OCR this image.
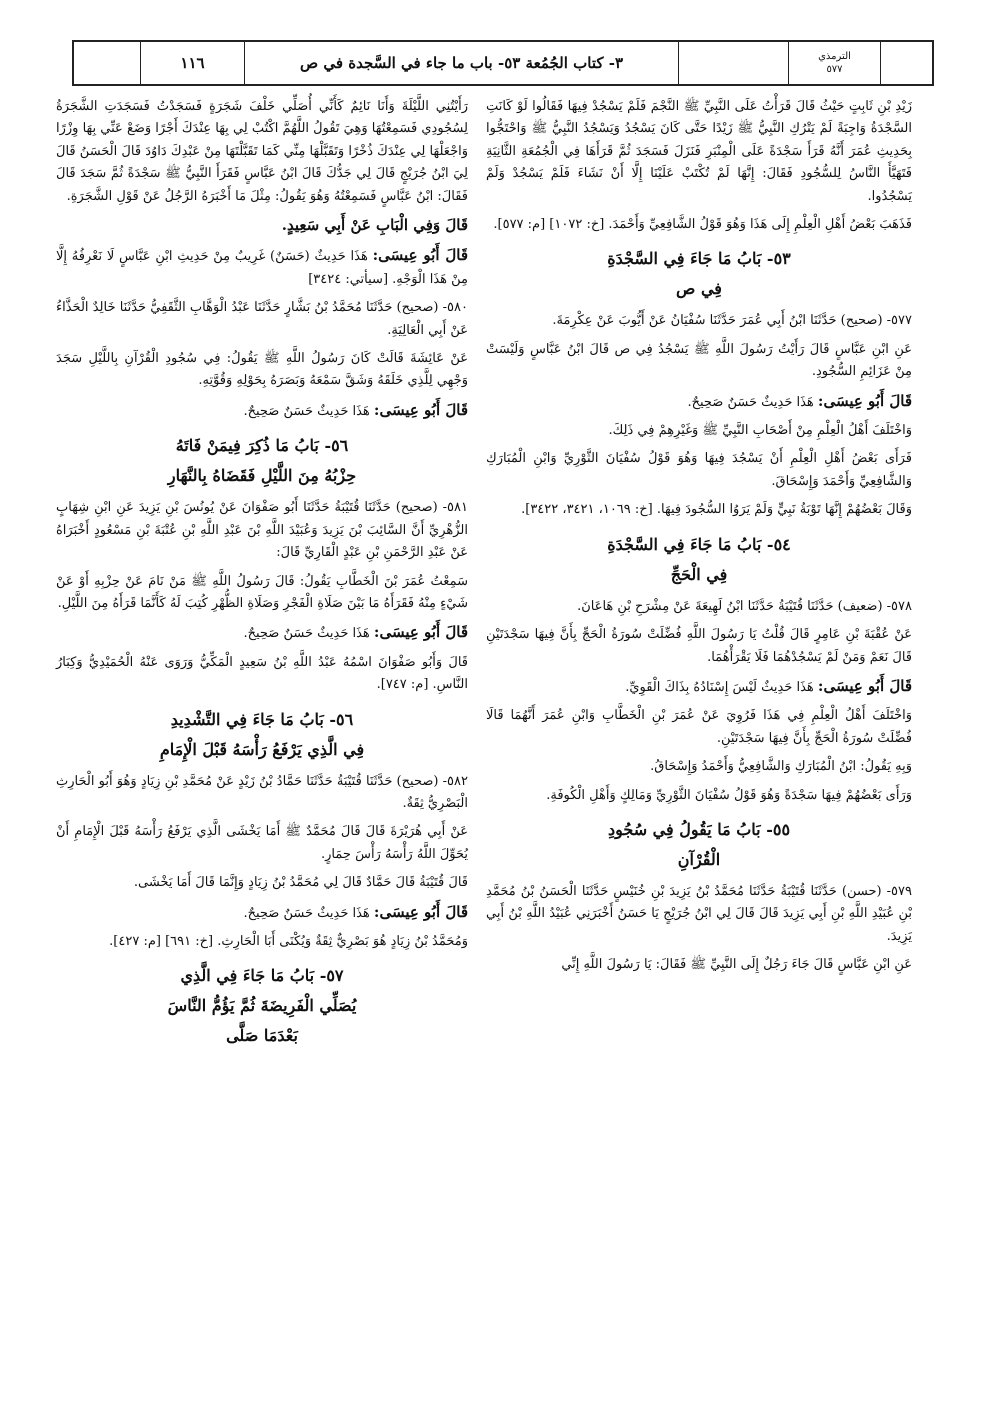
١١٦	٣- كتاب الجُمُعة ٥٣- باب ما جاء في السَّجدة في ص	الترمذي
٥٧٧

زَيْدِ بْنِ ثَابِتٍ حَيْثُ قَالَ قَرَأْتُ عَلَى النَّبِيِّ ﷺ النَّجْمَ فَلَمْ يَسْجُدْ فِيهَا فَقَالُوا لَوْ كَانَتِ السَّجْدَةُ وَاجِبَةً لَمْ يَتْرُكِ النَّبِيُّ ﷺ زَيْدًا حَتَّى كَانَ يَسْجُدُ وَيَسْجُدُ النَّبِيُّ ﷺ وَاحْتَجُّوا بِحَدِيثِ عُمَرَ أَنَّهُ قَرَأَ سَجْدَةً عَلَى الْمِنْبَرِ فَنَزَلَ فَسَجَدَ ثُمَّ قَرَأَهَا فِي الْجُمُعَةِ الثَّانِيَةِ فَتَهَيَّأَ النَّاسُ لِلسُّجُودِ فَقَالَ: إِنَّهَا لَمْ تُكْتَبْ عَلَيْنَا إِلَّا أَنْ نَشَاءَ فَلَمْ يَسْجُدْ وَلَمْ يَسْجُدُوا.

فَذَهَبَ بَعْضُ أَهْلِ الْعِلْمِ إِلَى هَذَا وَهُوَ قَوْلُ الشَّافِعِيِّ وَأَحْمَدَ. [خ: ١٠٧٢] [م: ٥٧٧].

٥٣- بَابُ مَا جَاءَ فِي السَّجْدَةِ
فِي ص

٥٧٧- (صحيح) حَدَّثَنَا ابْنُ أَبِي عُمَرَ حَدَّثَنَا سُفْيَانُ عَنْ أَيُّوبَ عَنْ عِكْرِمَةَ.

عَنِ ابْنِ عَبَّاسٍ قَالَ رَأَيْتُ رَسُولَ اللَّهِ ﷺ يَسْجُدُ فِي ص قَالَ ابْنُ عَبَّاسٍ وَلَيْسَتْ مِنْ عَزَائِمِ السُّجُودِ.

قَالَ أَبُو عِيسَى: هَذَا حَدِيثٌ حَسَنٌ صَحِيحٌ.

وَاخْتَلَفَ أَهْلُ الْعِلْمِ مِنْ أَصْحَابِ النَّبِيِّ ﷺ وَغَيْرِهِمْ فِي ذَلِكَ.

فَرَأَى بَعْضُ أَهْلِ الْعِلْمِ أَنْ يَسْجُدَ فِيهَا وَهُوَ قَوْلُ سُفْيَانَ الثَّوْرِيِّ وَابْنِ الْمُبَارَكِ وَالشَّافِعِيِّ وَأَحْمَدَ وَإِسْحَاقَ.

وَقَالَ بَعْضُهُمْ إِنَّهَا تَوْبَةُ نَبِيٍّ وَلَمْ يَرَوُا السُّجُودَ فِيهَا. [خ: ١٠٦٩، ٣٤٢١، ٣٤٢٢].

٥٤- بَابُ مَا جَاءَ فِي السَّجْدَةِ
فِي الْحَجِّ

٥٧٨- (ضعيف) حَدَّثَنَا قُتَيْبَةُ حَدَّثَنَا ابْنُ لَهِيعَةَ عَنْ مِشْرَحِ بْنِ هَاعَانَ.

عَنْ عُقْبَةَ بْنِ عَامِرٍ قَالَ قُلْتُ يَا رَسُولَ اللَّهِ فُضِّلَتْ سُورَةُ الْحَجِّ بِأَنَّ فِيهَا سَجْدَتَيْنِ قَالَ نَعَمْ وَمَنْ لَمْ يَسْجُدْهُمَا فَلَا يَقْرَأْهُمَا.

قَالَ أَبُو عِيسَى: هَذَا حَدِيثٌ لَيْسَ إِسْنَادُهُ بِذَاكَ الْقَوِيِّ.

وَاخْتَلَفَ أَهْلُ الْعِلْمِ فِي هَذَا فَرُوِيَ عَنْ عُمَرَ بْنِ الْخَطَّابِ وَابْنِ عُمَرَ أَنَّهُمَا قَالَا فُضِّلَتْ سُورَةُ الْحَجِّ بِأَنَّ فِيهَا سَجْدَتَيْنِ.

وَبِهِ يَقُولُ: ابْنُ الْمُبَارَكِ وَالشَّافِعِيُّ وَأَحْمَدُ وَإِسْحَاقُ.

وَرَأَى بَعْضُهُمْ فِيهَا سَجْدَةً وَهُوَ قَوْلُ سُفْيَانَ الثَّوْرِيِّ وَمَالِكٍ وَأَهْلِ الْكُوفَةِ.

٥٥- بَابُ مَا يَقُولُ فِي سُجُودِ
الْقُرْآنِ

٥٧٩- (حسن) حَدَّثَنَا قُتَيْبَةُ حَدَّثَنَا مُحَمَّدُ بْنُ يَزِيدَ بْنِ خُنَيْسٍ حَدَّثَنَا الْحَسَنُ بْنُ مُحَمَّدِ بْنِ عُبَيْدِ اللَّهِ بْنِ أَبِي يَزِيدَ قَالَ قَالَ لِي ابْنُ جُرَيْجٍ يَا حَسَنُ أَخْبَرَنِي عُبَيْدُ اللَّهِ بْنُ أَبِي يَزِيدَ.

عَنِ ابْنِ عَبَّاسٍ قَالَ جَاءَ رَجُلٌ إِلَى النَّبِيِّ ﷺ فَقَالَ: يَا رَسُولَ اللَّهِ إِنِّي

رَأَيْتُنِي اللَّيْلَةَ وَأَنَا نَائِمٌ كَأَنِّي أُصَلِّي خَلْفَ شَجَرَةٍ فَسَجَدْتُ فَسَجَدَتِ الشَّجَرَةُ لِسُجُودِي فَسَمِعْتُهَا وَهِيَ تَقُولُ اللَّهُمَّ اكْتُبْ لِي بِهَا عِنْدَكَ أَجْرًا وَضَعْ عَنِّي بِهَا وِزْرًا وَاجْعَلْهَا لِي عِنْدَكَ ذُخْرًا وَتَقَبَّلْهَا مِنِّي كَمَا تَقَبَّلْتَهَا مِنْ عَبْدِكَ دَاوُدَ قَالَ الْحَسَنُ قَالَ لِيَ ابْنُ جُرَيْجٍ قَالَ لِي جَدُّكَ قَالَ ابْنُ عَبَّاسٍ فَقَرَأَ النَّبِيُّ ﷺ سَجْدَةً ثُمَّ سَجَدَ قَالَ فَقَالَ: ابْنُ عَبَّاسٍ فَسَمِعْتُهُ وَهُوَ يَقُولُ: مِثْلَ مَا أَخْبَرَهُ الرَّجُلُ عَنْ قَوْلِ الشَّجَرَةِ.

قَالَ وَفِي الْبَابِ عَنْ أَبِي سَعِيدٍ.

قَالَ أَبُو عِيسَى: هَذَا حَدِيثٌ (حَسَنٌ) غَرِيبٌ مِنْ حَدِيثِ ابْنِ عَبَّاسٍ لَا نَعْرِفُهُ إِلَّا مِنْ هَذَا الْوَجْهِ. [سيأتي: ٣٤٢٤]

٥٨٠- (صحيح) حَدَّثَنَا مُحَمَّدُ بْنُ بَشَّارٍ حَدَّثَنَا عَبْدُ الْوَهَّابِ الثَّقَفِيُّ حَدَّثَنَا خَالِدٌ الْحَذَّاءُ عَنْ أَبِي الْعَالِيَةِ.

عَنْ عَائِشَةَ قَالَتْ كَانَ رَسُولُ اللَّهِ ﷺ يَقُولُ: فِي سُجُودِ الْقُرْآنِ بِاللَّيْلِ سَجَدَ وَجْهِي لِلَّذِي خَلَقَهُ وَشَقَّ سَمْعَهُ وَبَصَرَهُ بِحَوْلِهِ وَقُوَّتِهِ.

قَالَ أَبُو عِيسَى: هَذَا حَدِيثٌ حَسَنٌ صَحِيحٌ.

٥٦- بَابُ مَا ذُكِرَ فِيمَنْ فَاتَهُ
حِزْبُهُ مِنَ اللَّيْلِ فَقَضَاهُ بِالنَّهَارِ

٥٨١- (صحيح) حَدَّثَنَا قُتَيْبَةُ حَدَّثَنَا أَبُو صَفْوَانَ عَنْ يُونُسَ بْنِ يَزِيدَ عَنِ ابْنِ شِهَابٍ الزُّهْرِيِّ أَنَّ السَّائِبَ بْنَ يَزِيدَ وَعُبَيْدَ اللَّهِ بْنَ عَبْدِ اللَّهِ بْنِ عُتْبَةَ بْنِ مَسْعُودٍ أَخْبَرَاهُ عَنْ عَبْدِ الرَّحْمَنِ بْنِ عَبْدٍ الْقَارِيِّ قَالَ:

سَمِعْتُ عُمَرَ بْنَ الْخَطَّابِ يَقُولُ: قَالَ رَسُولُ اللَّهِ ﷺ مَنْ نَامَ عَنْ حِزْبِهِ أَوْ عَنْ شَيْءٍ مِنْهُ فَقَرَأَهُ مَا بَيْنَ صَلَاةِ الْفَجْرِ وَصَلَاةِ الظُّهْرِ كُتِبَ لَهُ كَأَنَّمَا قَرَأَهُ مِنَ اللَّيْلِ.

قَالَ أَبُو عِيسَى: هَذَا حَدِيثٌ حَسَنٌ صَحِيحٌ.

قَالَ وَأَبُو صَفْوَانَ اسْمُهُ عَبْدُ اللَّهِ بْنُ سَعِيدٍ الْمَكِّيُّ وَرَوَى عَنْهُ الْحُمَيْدِيُّ وَكِبَارُ النَّاسِ. [م: ٧٤٧].

٥٦- بَابُ مَا جَاءَ فِي التَّشْدِيدِ
فِي الَّذِي يَرْفَعُ رَأْسَهُ قَبْلَ الْإِمَامِ

٥٨٢- (صحيح) حَدَّثَنَا قُتَيْبَةُ حَدَّثَنَا حَمَّادُ بْنُ زَيْدٍ عَنْ مُحَمَّدِ بْنِ زِيَادٍ وَهُوَ أَبُو الْحَارِثِ الْبَصْرِيُّ ثِقَةٌ.

عَنْ أَبِي هُرَيْرَةَ قَالَ قَالَ مُحَمَّدٌ ﷺ أَمَا يَخْشَى الَّذِي يَرْفَعُ رَأْسَهُ قَبْلَ الْإِمَامِ أَنْ يُحَوِّلَ اللَّهُ رَأْسَهُ رَأْسَ حِمَارٍ.

قَالَ قُتَيْبَةُ قَالَ حَمَّادٌ قَالَ لِي مُحَمَّدُ بْنُ زِيَادٍ وَإِنَّمَا قَالَ أَمَا يَخْشَى.

قَالَ أَبُو عِيسَى: هَذَا حَدِيثٌ حَسَنٌ صَحِيحٌ.

وَمُحَمَّدُ بْنُ زِيَادٍ هُوَ بَصْرِيٌّ ثِقَةٌ وَيُكْنَى أَبَا الْحَارِثِ. [خ: ٦٩١] [م: ٤٢٧].

٥٧- بَابُ مَا جَاءَ فِي الَّذِي
يُصَلِّي الْفَرِيضَةَ ثُمَّ يَؤُمُّ النَّاسَ
بَعْدَمَا صَلَّى
